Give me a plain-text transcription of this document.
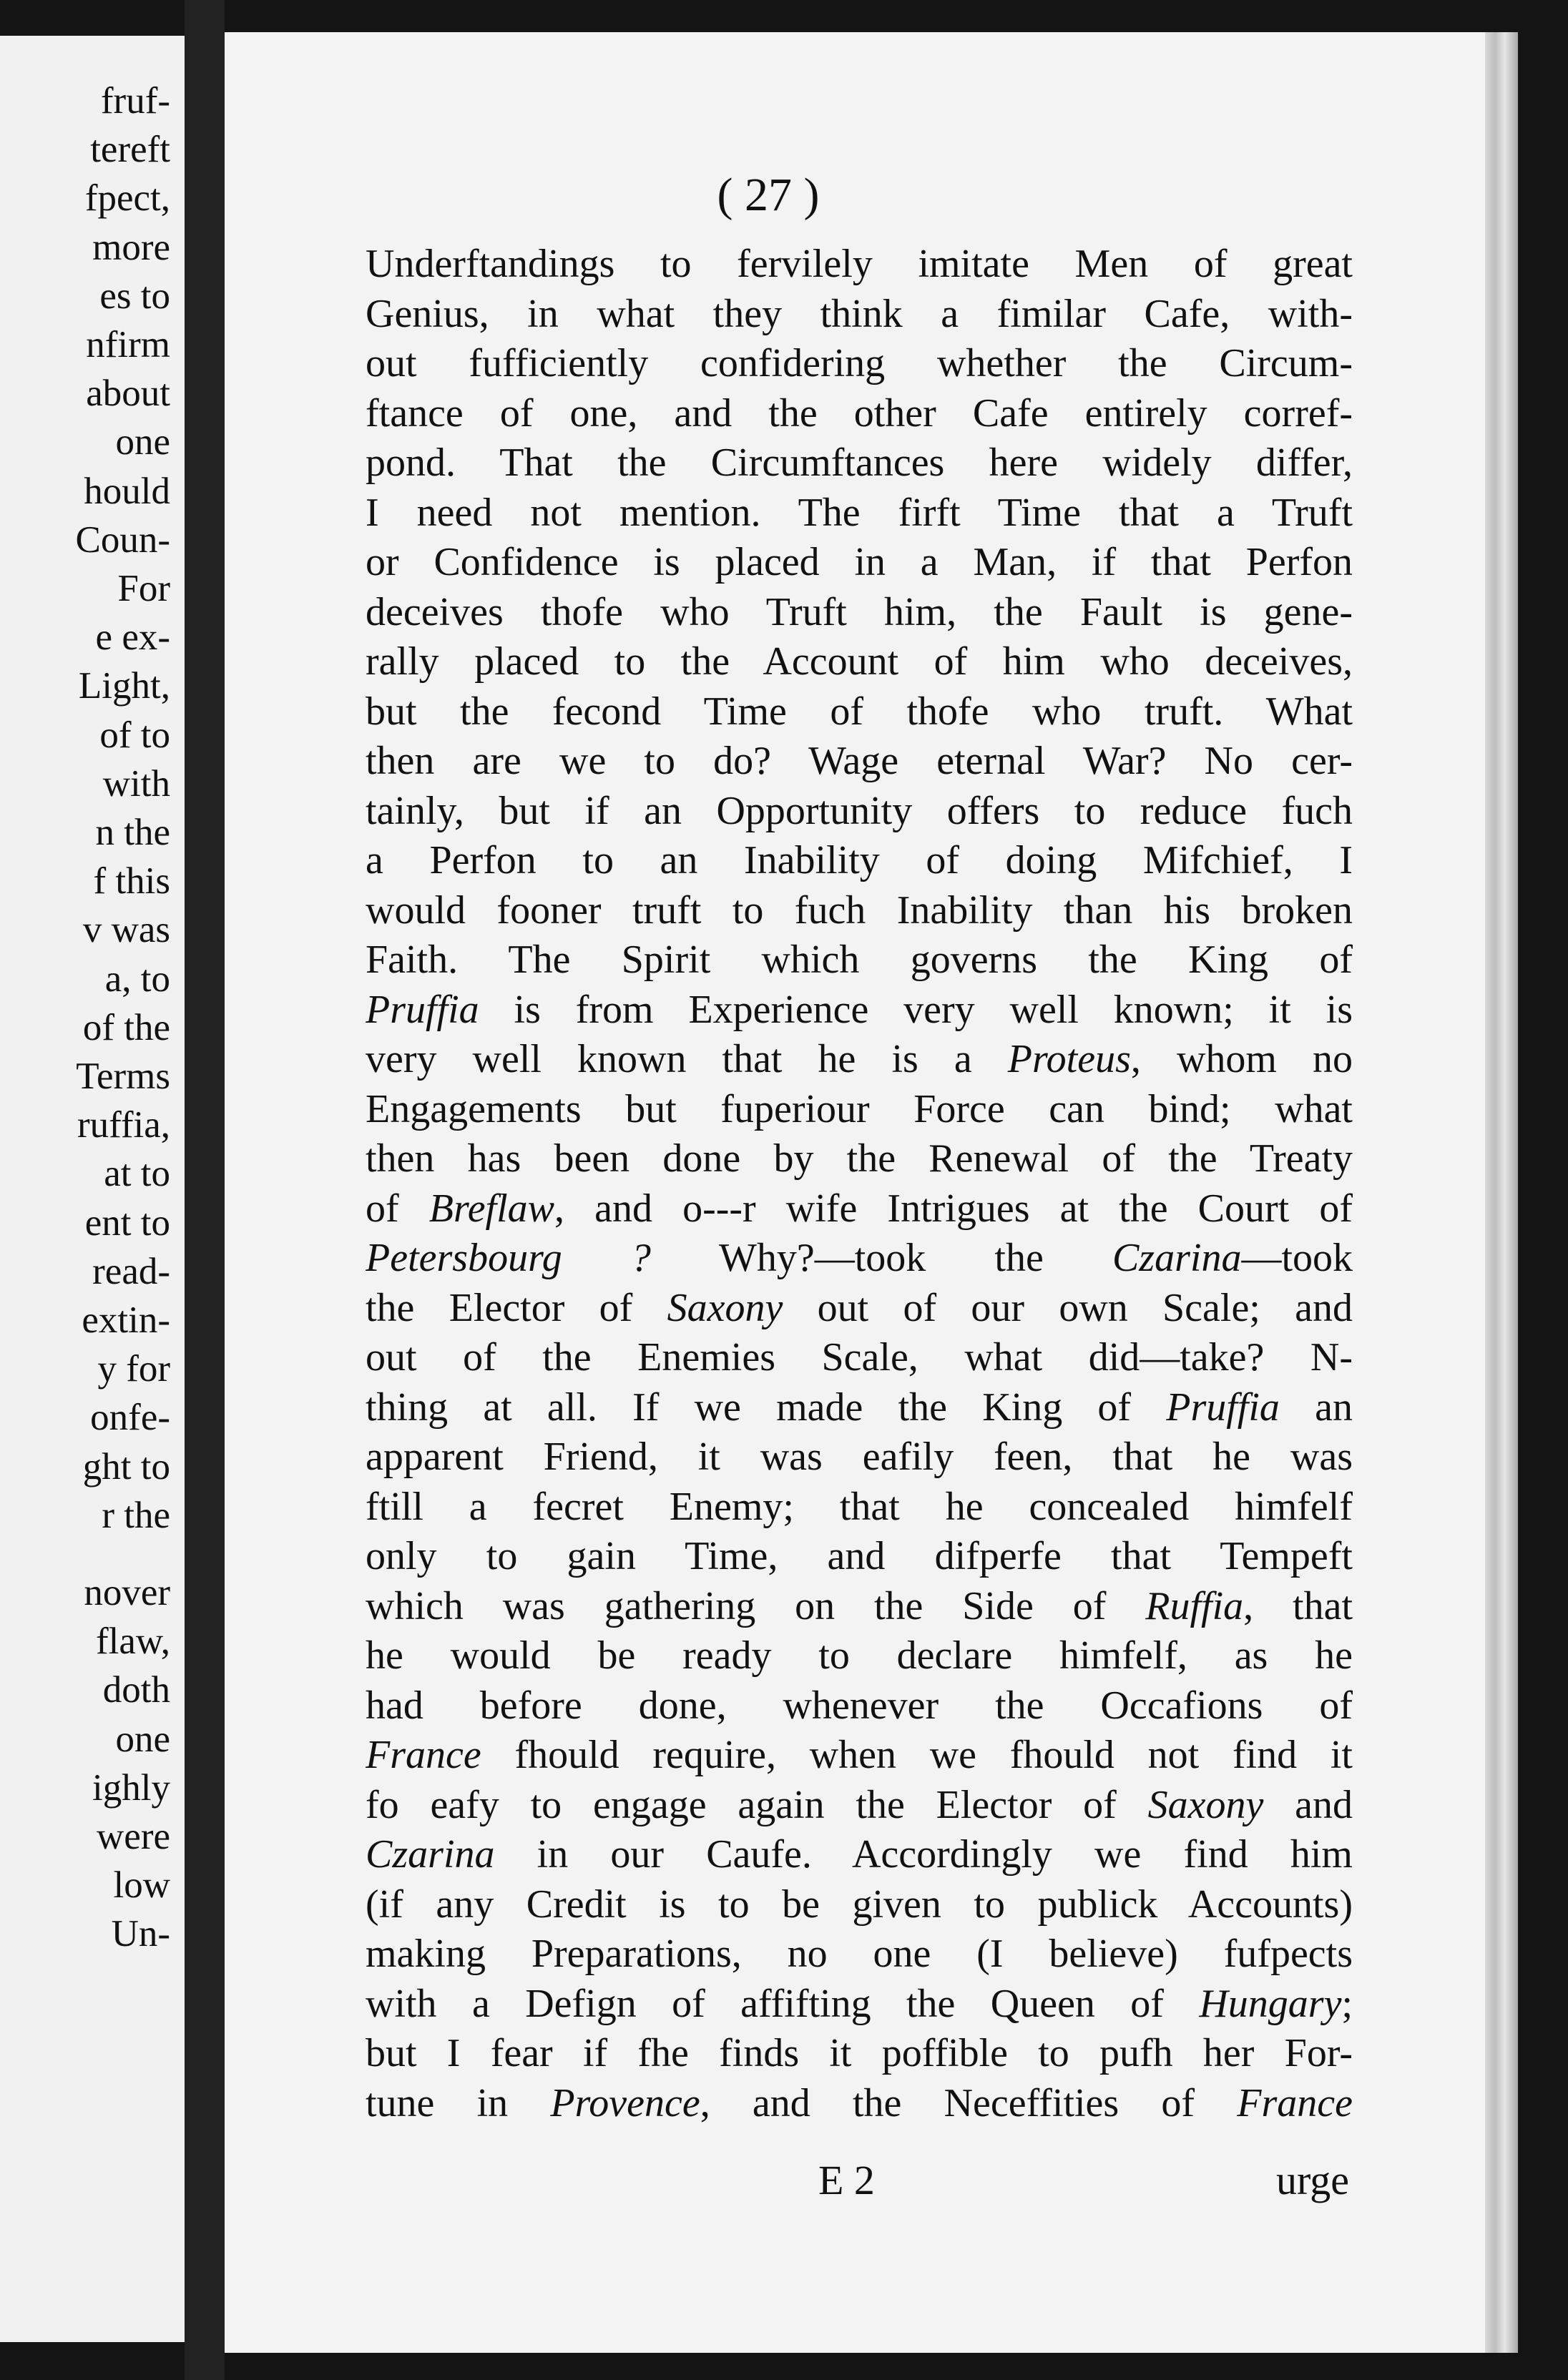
fruf-
tereft
fpect,
more
es to
nfirm
about
one
hould
Coun-
For
e ex-
Light,
of to
with
n the
f this
v was
a, to
of the
Terms
ruffia,
at to
ent to
read-
extin-
y for
onfe-
ght to
r the
nover
flaw,
doth
one
ighly
were
low
Un-
( 27 )
Underftandings to fervilely imitate Men of great
Genius, in what they think a fimilar Cafe, with-
out fufficiently confidering whether the Circum-
ftance of one, and the other Cafe entirely corref-
pond. That the Circumftances here widely differ,
I need not mention. The firft Time that a Truft
or Confidence is placed in a Man, if that Perfon
deceives thofe who Truft him, the Fault is gene-
rally placed to the Account of him who deceives,
but the fecond Time of thofe who truft. What
then are we to do? Wage eternal War? No cer-
tainly, but if an Opportunity offers to reduce fuch
a Perfon to an Inability of doing Mifchief, I
would fooner truft to fuch Inability than his broken
Faith. The Spirit which governs the King of
Pruffia is from Experience very well known; it is
very well known that he is a Proteus, whom no
Engagements but fuperiour Force can bind; what
then has been done by the Renewal of the Treaty
of Breflaw, and o---r wife Intrigues at the Court of
Petersbourg ? Why?—took the Czarina—took
the Elector of Saxony out of our own Scale; and
out of the Enemies Scale, what did—take? N-
thing at all. If we made the King of Pruffia an
apparent Friend, it was eafily feen, that he was
ftill a fecret Enemy; that he concealed himfelf
only to gain Time, and difperfe that Tempeft
which was gathering on the Side of Ruffia, that
he would be ready to declare himfelf, as he
had before done, whenever the Occafions of
France fhould require, when we fhould not find it
fo eafy to engage again the Elector of Saxony and
Czarina in our Caufe. Accordingly we find him
(if any Credit is to be given to publick Accounts)
making Preparations, no one (I believe) fufpects
with a Defign of affifting the Queen of Hungary;
but I fear if fhe finds it poffible to pufh her For-
tune in Provence, and the Neceffities of France
E 2	urge
